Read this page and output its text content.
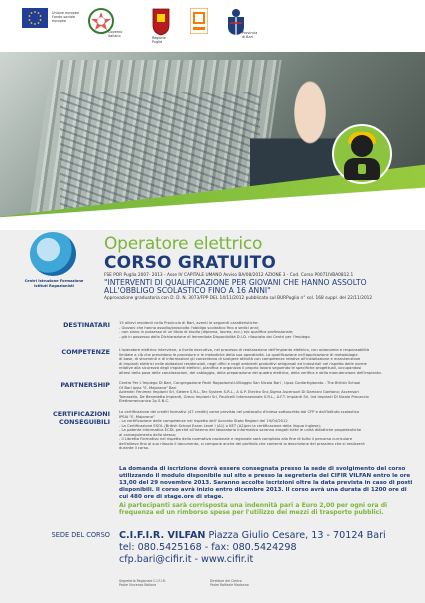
Unione europea
Fondo sociale
europeo
Governo
italiano	Regione
Puglia
Provincia
di Bari
Centri Istruzione Formazione
Istituti Rogazionisti
Operatore elettrico
CORSO GRATUITO
FSE POR Puglia 2007- 2013 - Asse IV CAPITALE UMANO Avviso BA/08/2012 AZIONE 3 - Cod. Corso P0071IVBA0812.1
"INTERVENTI DI QUALIFICAZIONE PER GIOVANI CHE HANNO ASSOLTO
ALL'OBBLIGO SCOLASTICO FINO A 16 ANNI"
Approvazione graduatoria con D. D. N. 3073/FPP DEL 14/11/2012 pubblicato sul BURPuglia n° sol. 168 suppl. del 22/11/2012
DESTINATARI 15 allievi residenti nella Provincia di Bari, aventi le seguenti caratteristiche:

- Giovani che hanno assolto/prosciolto l'obbligo scolastico fino a sedici anni;

- non siano in possesso di un titolo di studio (diploma, laurea, ecc.) e/o qualifica professionale;

- già in possesso della Dichiarazione di Immediata Disponibilità D.I.D. rilasciata dai Centri per l'Impiego.

COMPETENZE L'operatore elettrico interviene, a livello esecutivo, nel processo di realizzazione dell'impianto elettrico, con autonomia e responsabilità

limitate a ciò che prevedono le procedure e le metodiche della sua operatività. La qualificazione nell'applicazione di metodologie

di base, di strumenti e di informazioni gli consentono di svolgere attività con competenze relative all'installazione e manutenzione

di impianti elettrici nelle abitazioni residenziali, negli uffici e negli ambienti produttivi artigianali ed industriali nel rispetto delle norme

relative alla sicurezza degli impianti elettrici, pianifica e organizza il proprio lavoro seguendo le specifiche progettuali, occupandosi

altresì della posa delle canalizzazioni, del cablaggio, della preparazione del quadro elettrico, della verifica e della manutenzione dell'impianto.

PARTNERSHIP Centro Per L'Impiego Di Bari, Congregazione Padri Rogazionisti-Villaggio San Nicola Bari , Upsa Confartigianato - The British School

Of Bari Ipsia "E. Majorana" Bari

Aziende: Fenimec Impianti Srl, Sielere S.R.L.,Tec System S.R.L., A & P. Electro Snc,Sigma Ascensori Di Damiani Gaetano; Ascensori

Tomasello, De Benedetto Impianti, Greco Impianti Srl, Paulicelli Internazionale S.R.L., A.F.T. Impianti Srl, Ind Impianti Di Nicola Procaccio

Elettromeccanica 2p S.N.C.

CERTIFICAZIONI
CONSEGUIBILI

La certificazione dei crediti formativi (47 crediti) come previsto nel protocollo d'intesa sottoscritto dal CFP e dall'Istituto scolastico

IPSIA "E. Majorana"

- La certificazione delle competenze nel rispetto dell' Accordo Stato Regioni del 19/04/2012

- La Certificazione ESOL (British School Exam Level I (A1) o KET (A2)per la certificazione della lingua inglese);

- La patente informatica ECDL perché all'interno del laboratorio informatico saranno erogati tutte le unità didattiche propedeutiche

al conseguimento dello stesso;

- Il Libretto Formativo nel rispetto della normativa nazionale e regionale sarà compilato alla fine di tutto il percorso curriculare

dell'allievo fino al suo rilascio il documento, si compone anche del portfolio che conterrà la descrizione del prossimo che si realizzerà

durante il corso.

La domanda di iscrizione dovrà essere consegnata presso la sede di svolgimento del corso utilizzando il modulo disponibile sul sito e presso la segreteria del CIFIR VILFAN entro le ore 13,00 del 29 novembre 2013. Saranno accolte iscrizioni oltre la data prevista in caso di posti disponibili. Il corso avrà inizio entro dicembre 2013. Il corso avrà una durata di 1200 ore di cui 480 ore di stage.ore di stage.
Ai partecipanti sarà corrisposta una indennità pari a Euro 2,00 per ogni ora di frequenza ed un rimborso spese per l'utilizzo dei mezzi di trasporto pubblici.
SEDE DEL CORSO C.I.F.I.R. VILFAN Piazza Giulio Cesare, 13 - 70124 Bari
tel: 080.5425168 - fax: 080.5424298
cfp.bari@cifir.it - www.cifir.it
Segreteria Regionale C.I.F.I.R.
Padre Vincenzo Bellone
Direttore del Centro
Padre Raffaele Madonna
